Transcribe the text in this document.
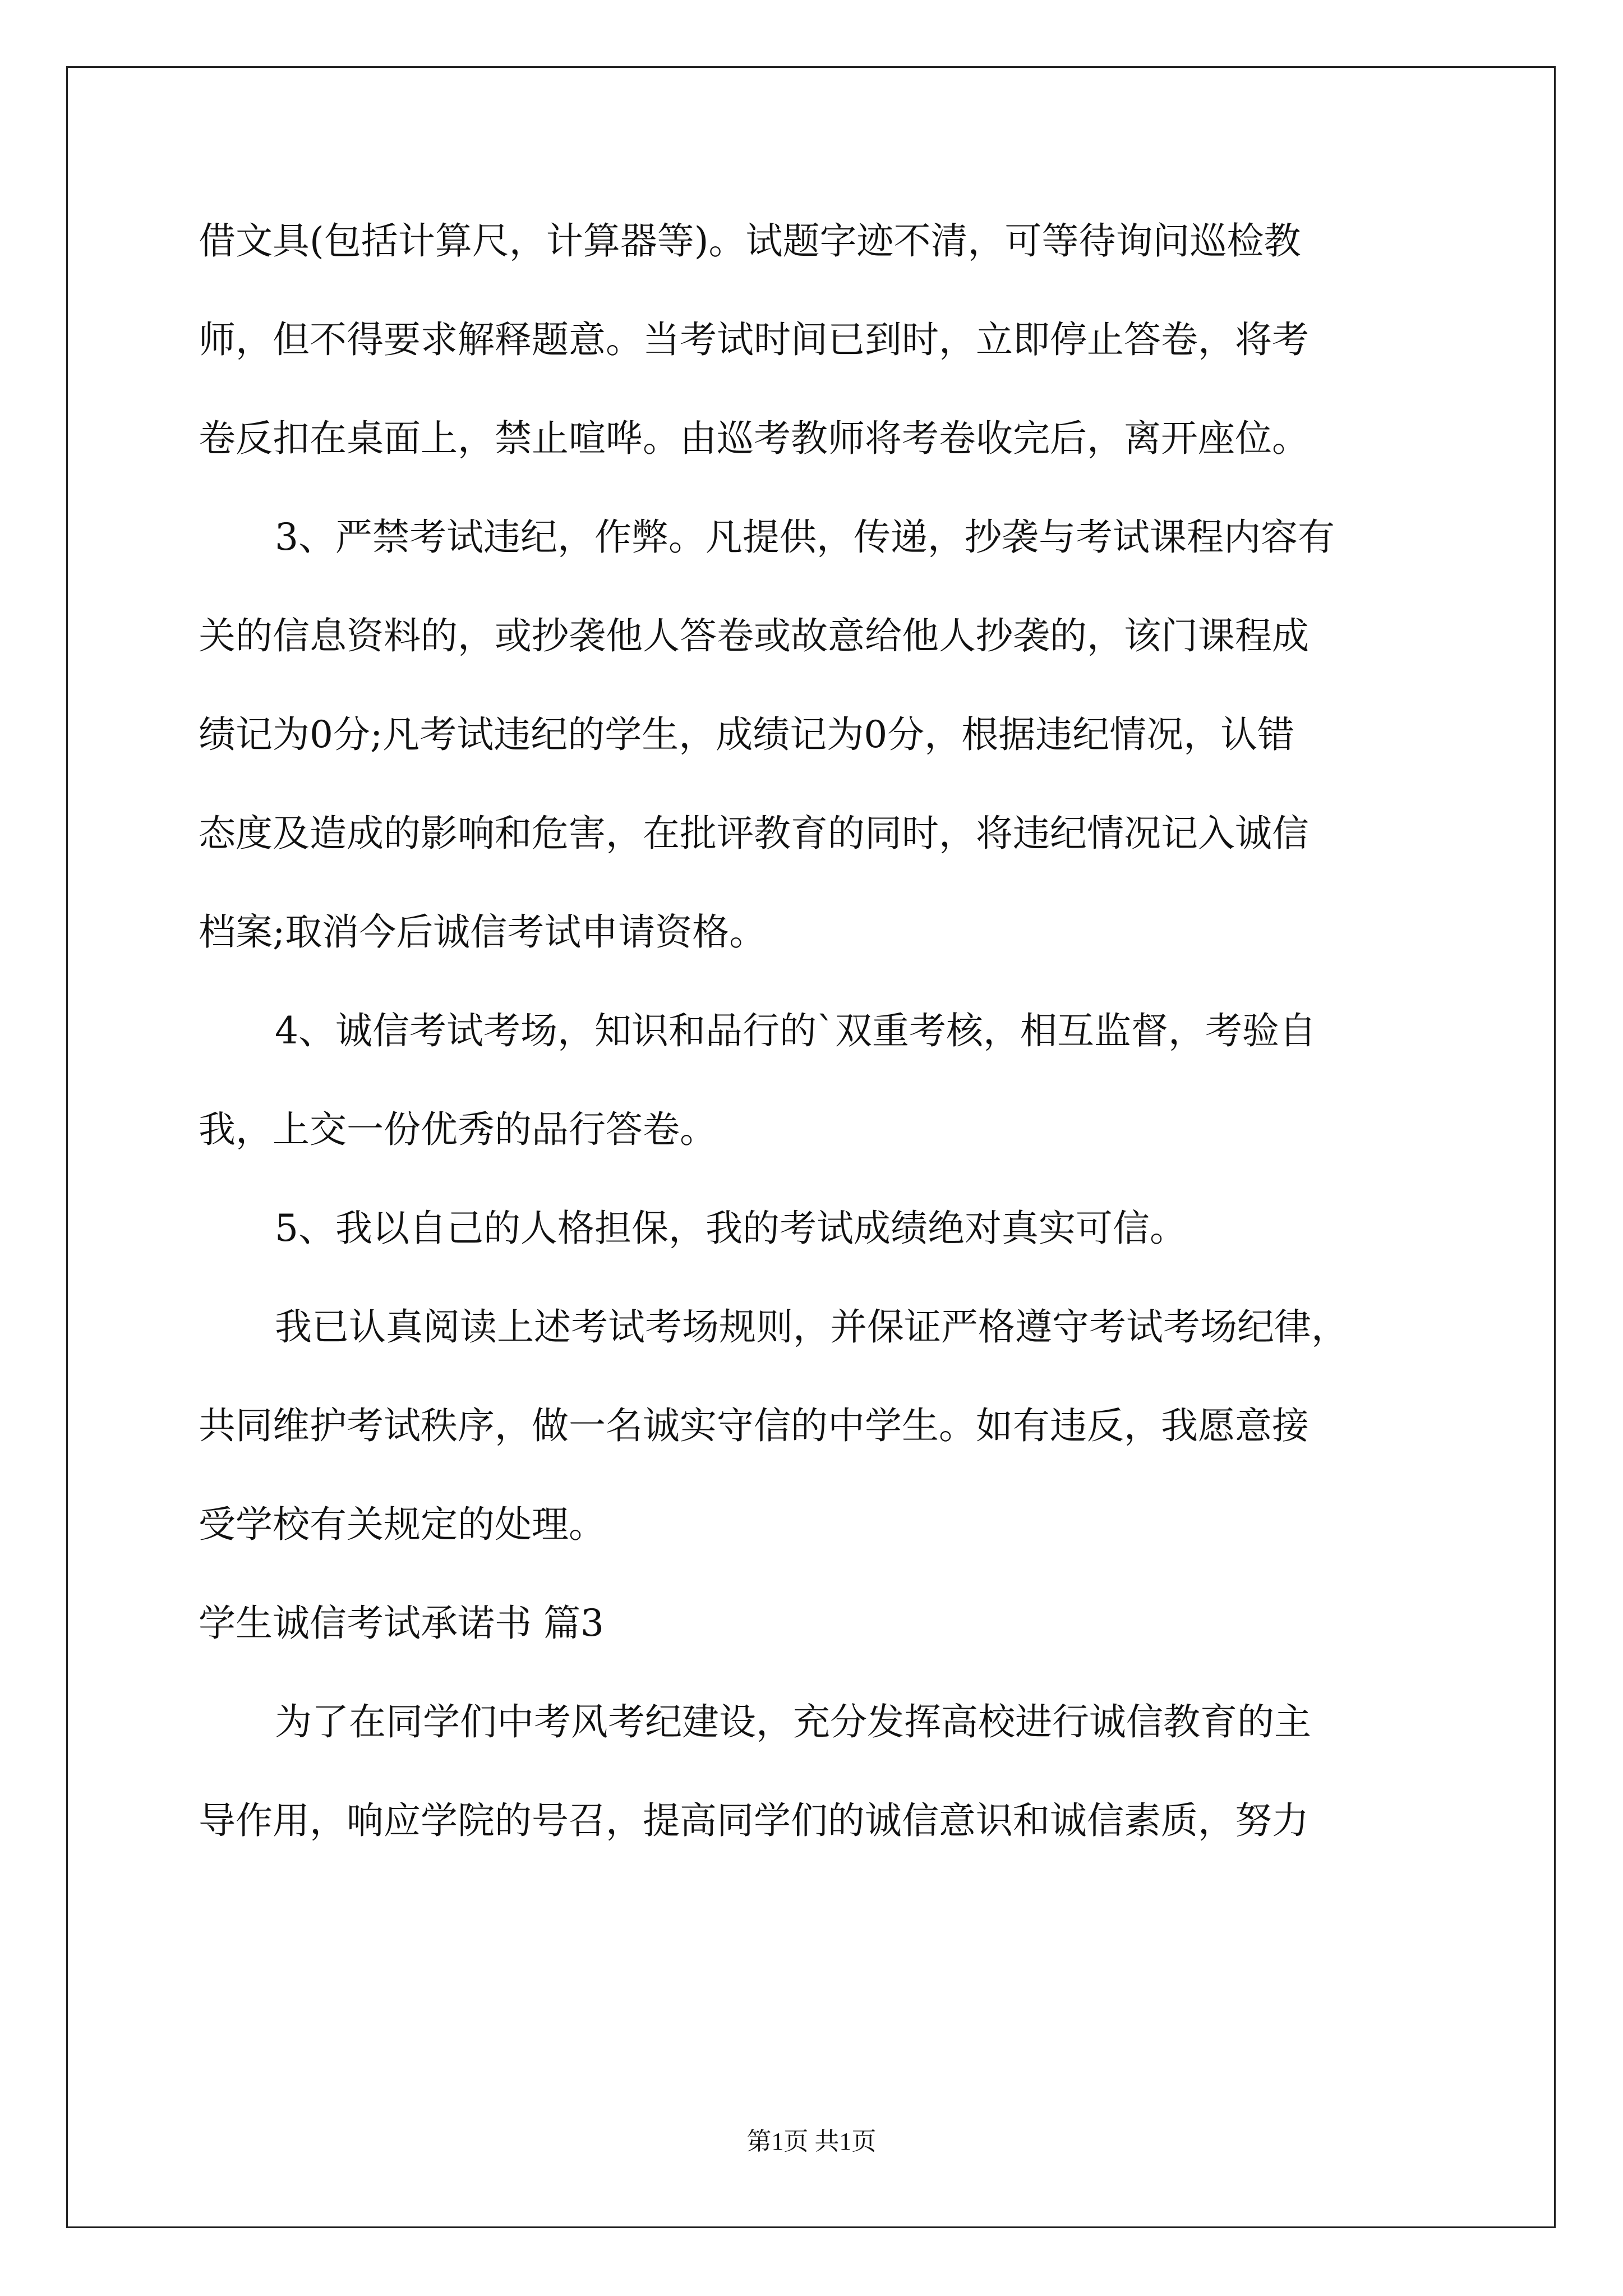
借文具(包括计算尺，计算器等)。试题字迹不清，可等待询问巡检教
师，但不得要求解释题意。当考试时间已到时，立即停止答卷，将考
卷反扣在桌面上，禁止喧哗。由巡考教师将考卷收完后，离开座位。
3、严禁考试违纪，作弊。凡提供，传递，抄袭与考试课程内容有
关的信息资料的，或抄袭他人答卷或故意给他人抄袭的，该门课程成
绩记为0分;凡考试违纪的学生，成绩记为0分，根据违纪情况，认错
态度及造成的影响和危害，在批评教育的同时，将违纪情况记入诚信
档案;取消今后诚信考试申请资格。
4、诚信考试考场，知识和品行的`双重考核，相互监督，考验自
我，上交一份优秀的品行答卷。
5、我以自己的人格担保，我的考试成绩绝对真实可信。
我已认真阅读上述考试考场规则，并保证严格遵守考试考场纪律，
共同维护考试秩序，做一名诚实守信的中学生。如有违反，我愿意接
受学校有关规定的处理。
学生诚信考试承诺书 篇3
为了在同学们中考风考纪建设，充分发挥高校进行诚信教育的主
导作用，响应学院的号召，提高同学们的诚信意识和诚信素质，努力
第1页 共1页
